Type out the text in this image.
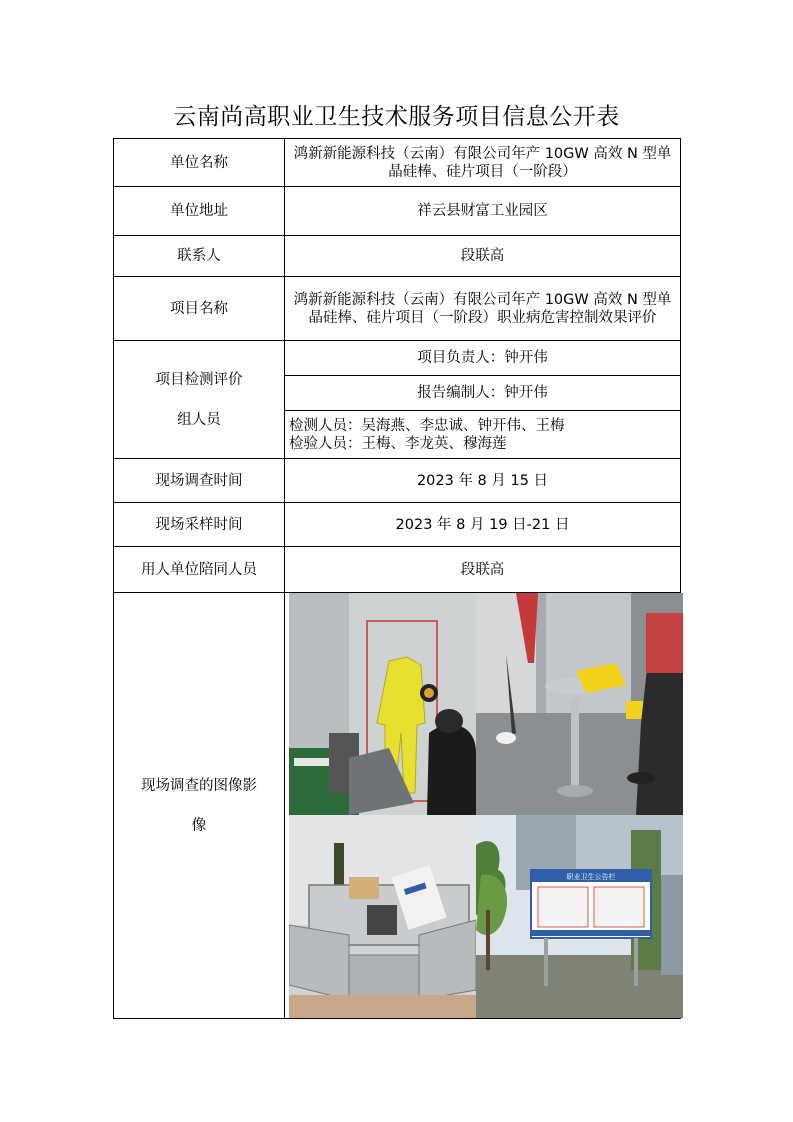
云南尚高职业卫生技术服务项目信息公开表
单位名称	鸿新新能源科技（云南）有限公司年产 10GW 高效 N 型单晶硅棒、硅片项目（一阶段）
单位地址	祥云县财富工业园区
联系人	段联高
项目名称	鸿新新能源科技（云南）有限公司年产 10GW 高效 N 型单晶硅棒、硅片项目（一阶段）职业病危害控制效果评价

项目检测评价
组人员	项目负责人：钟开伟
	报告编制人：钟开伟

	检测人员：吴海燕、李忠诚、钟开伟、王梅
检验人员：王梅、李龙英、穆海莲

现场调查时间	2023 年 8 月 15 日
现场采样时间	2023 年 8 月 19 日-21 日
用人单位陪同人员	段联高

现场调查的图像影
像	职业卫生公告栏
